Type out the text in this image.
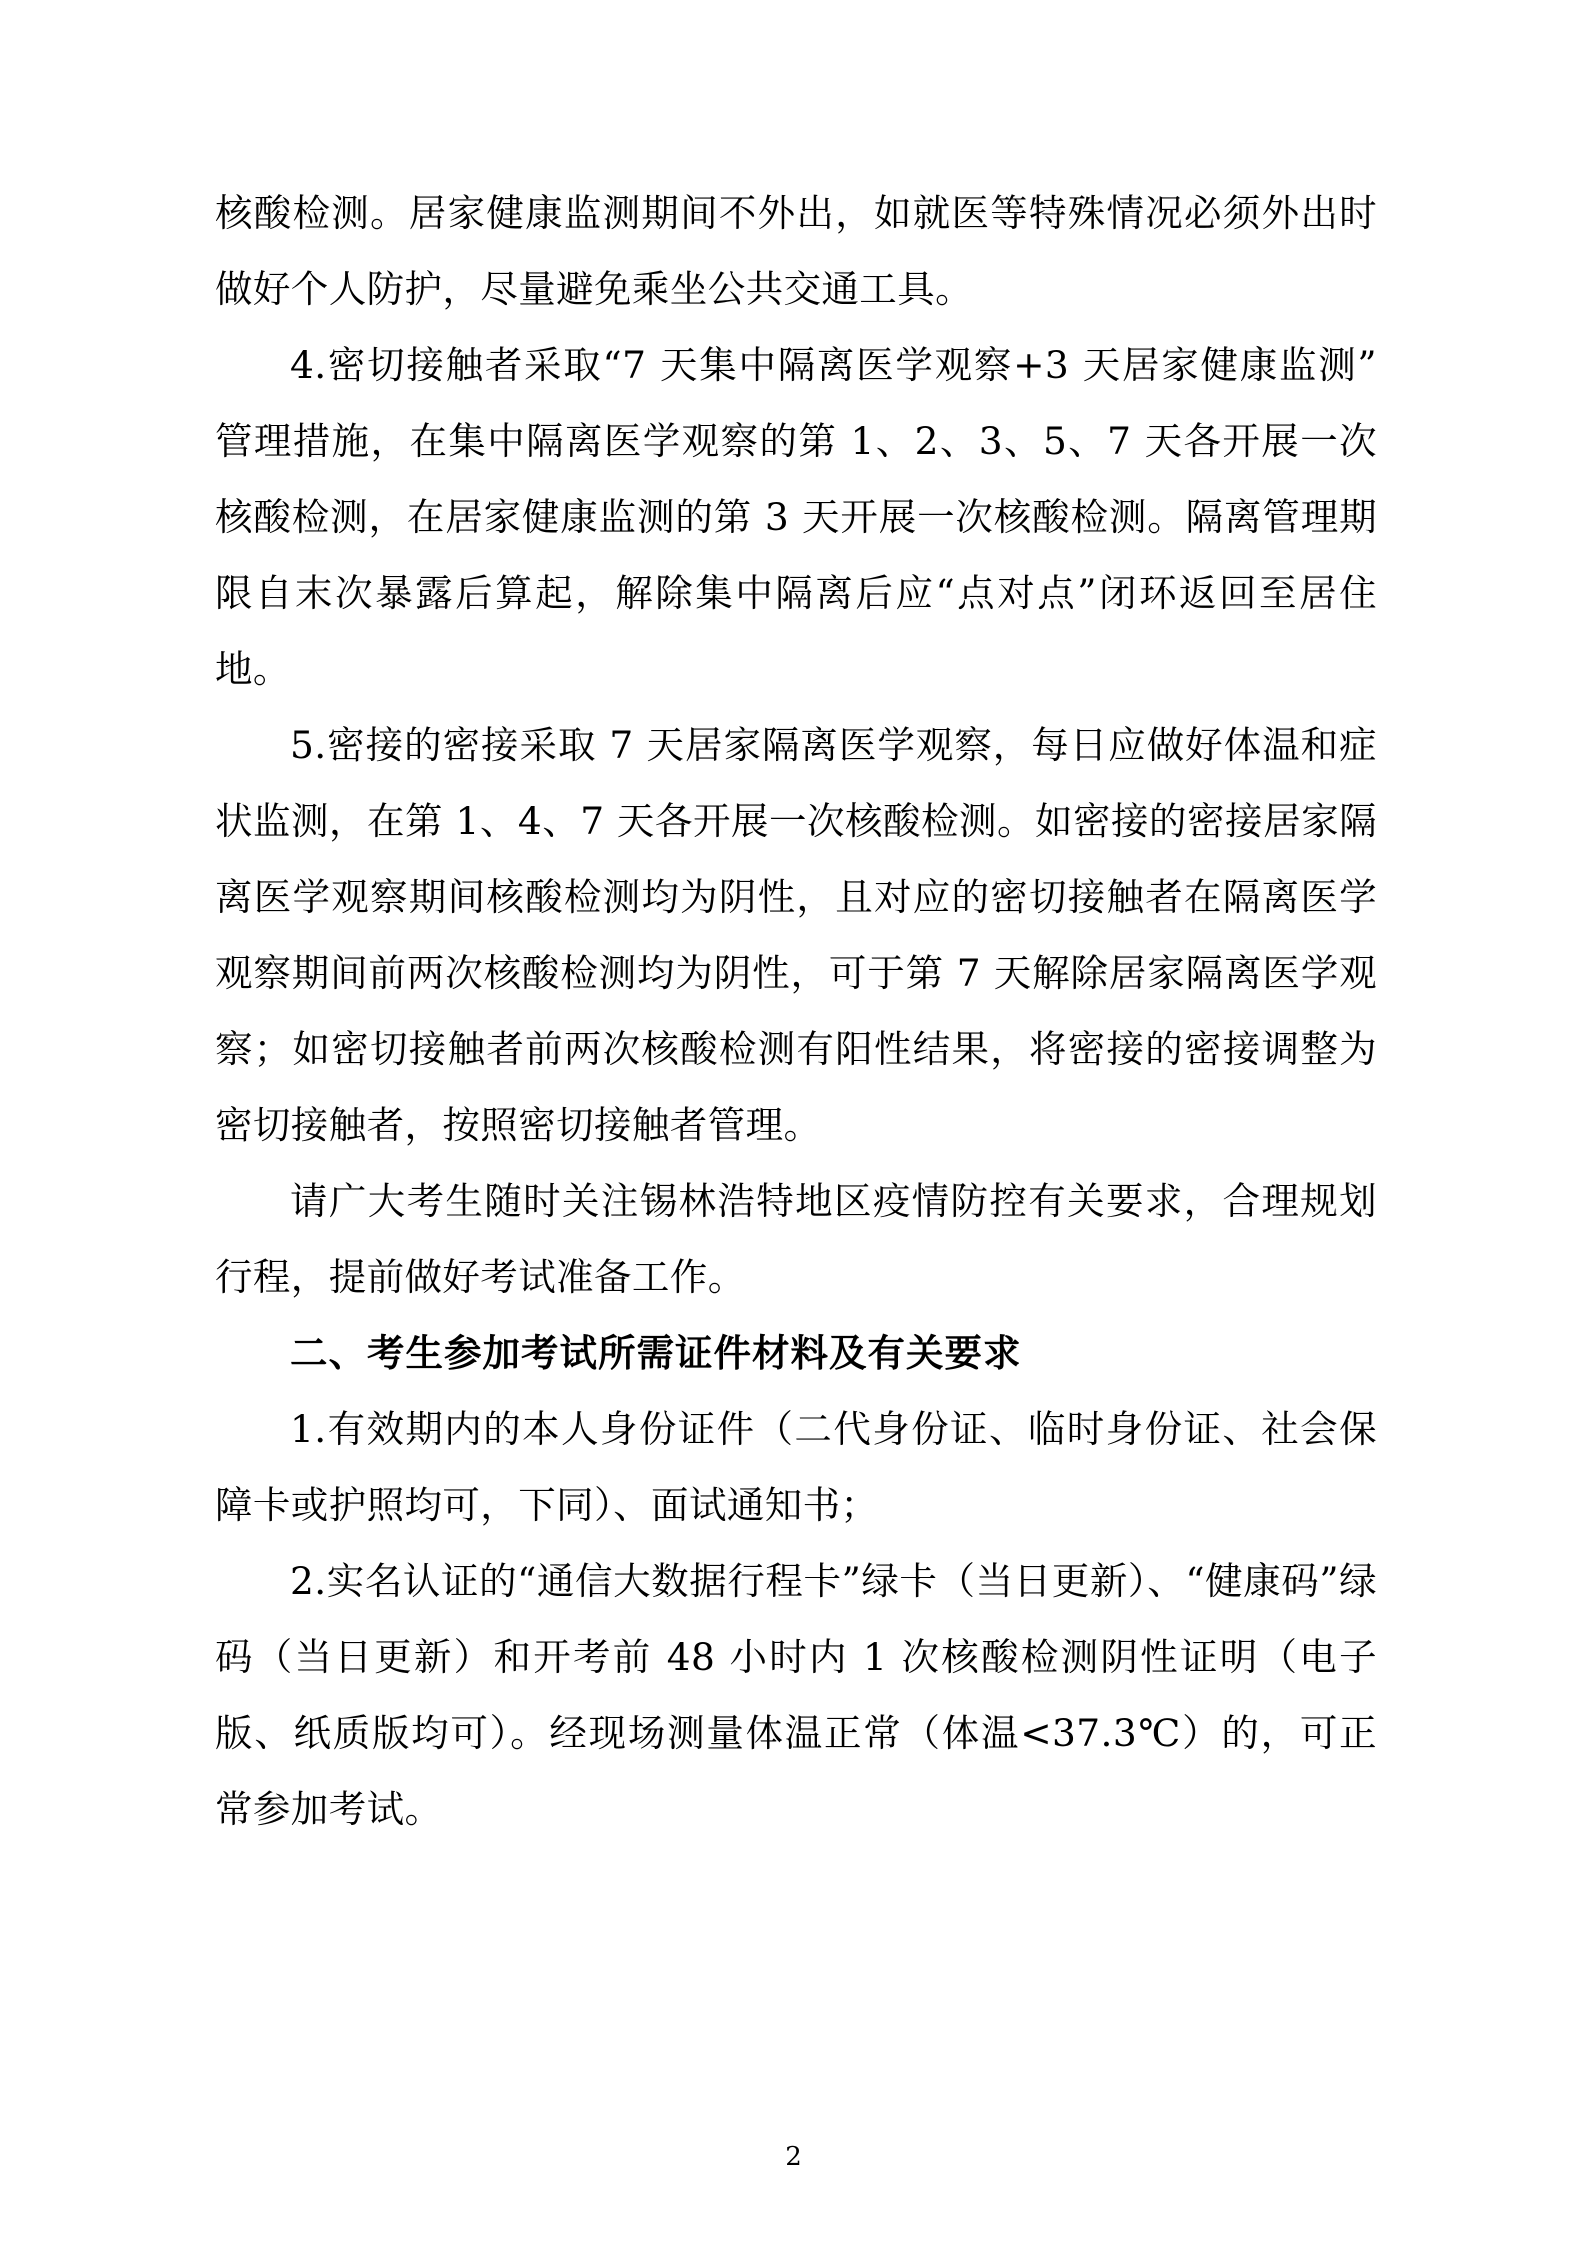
核酸检测。居家健康监测期间不外出，如就医等特殊情况必须外出时做好个人防护，尽量避免乘坐公共交通工具。

4.密切接触者采取“7 天集中隔离医学观察+3 天居家健康监测”管理措施，在集中隔离医学观察的第 1、2、3、5、7 天各开展一次核酸检测，在居家健康监测的第 3 天开展一次核酸检测。隔离管理期限自末次暴露后算起，解除集中隔离后应“点对点”闭环返回至居住地。

5.密接的密接采取 7 天居家隔离医学观察，每日应做好体温和症状监测，在第 1、4、7 天各开展一次核酸检测。如密接的密接居家隔离医学观察期间核酸检测均为阴性，且对应的密切接触者在隔离医学观察期间前两次核酸检测均为阴性，可于第 7 天解除居家隔离医学观察；如密切接触者前两次核酸检测有阳性结果，将密接的密接调整为密切接触者，按照密切接触者管理。

请广大考生随时关注锡林浩特地区疫情防控有关要求，合理规划行程，提前做好考试准备工作。

二、考生参加考试所需证件材料及有关要求

1.有效期内的本人身份证件（二代身份证、临时身份证、社会保障卡或护照均可，下同）、面试通知书；

2.实名认证的“通信大数据行程卡”绿卡（当日更新）、“健康码”绿码（当日更新）和开考前 48 小时内 1 次核酸检测阴性证明（电子版、纸质版均可）。经现场测量体温正常（体温<37.3℃）的，可正常参加考试。

2
